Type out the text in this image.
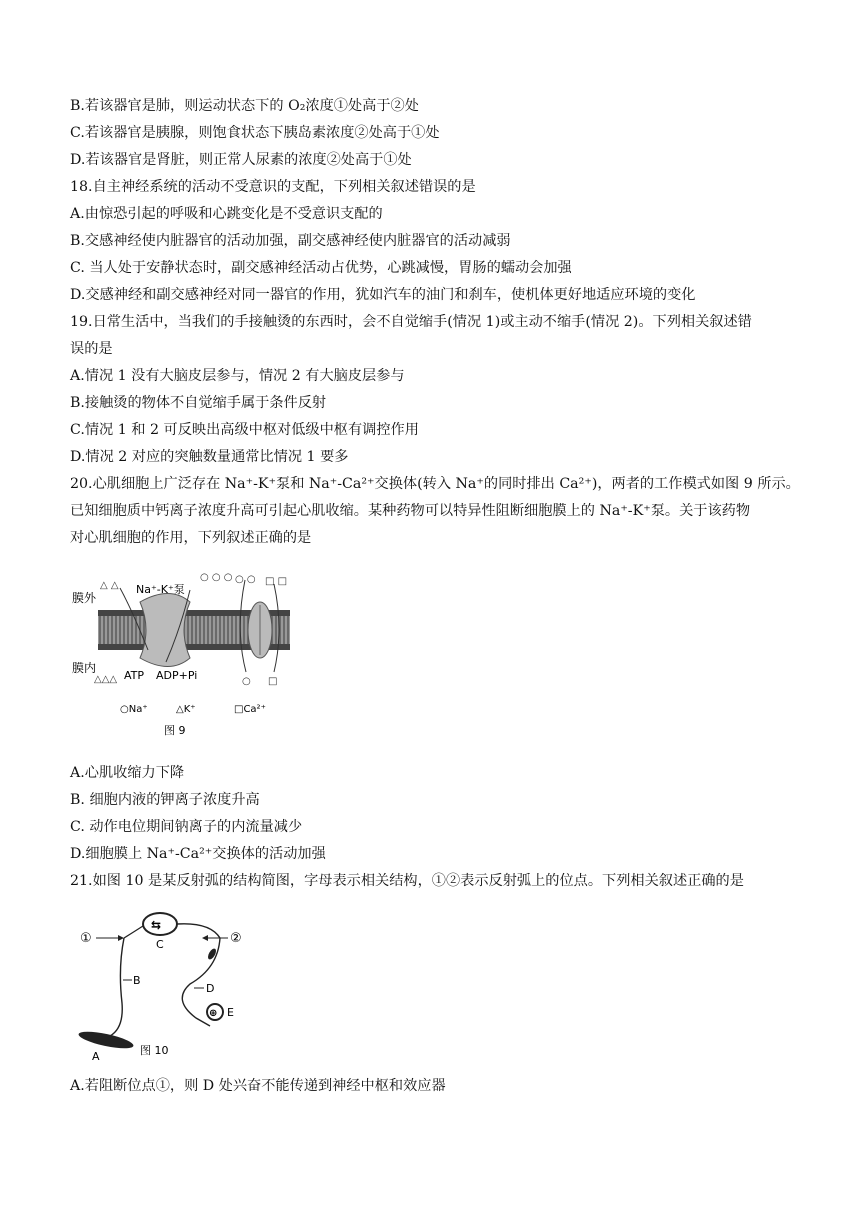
B.若该器官是肺，则运动状态下的 O₂浓度①处高于②处
C.若该器官是胰腺，则饱食状态下胰岛素浓度②处高于①处
D.若该器官是肾脏，则正常人尿素的浓度②处高于①处
18.自主神经系统的活动不受意识的支配，下列相关叙述错误的是
A.由惊恐引起的呼吸和心跳变化是不受意识支配的
B.交感神经使内脏器官的活动加强，副交感神经使内脏器官的活动减弱
C. 当人处于安静状态时，副交感神经活动占优势，心跳减慢，胃肠的蠕动会加强
D.交感神经和副交感神经对同一器官的作用，犹如汽车的油门和刹车，使机体更好地适应环境的变化
19.日常生活中，当我们的手接触烫的东西时，会不自觉缩手(情况 1)或主动不缩手(情况 2)。下列相关叙述错
误的是
A.情况 1 没有大脑皮层参与，情况 2 有大脑皮层参与
B.接触烫的物体不自觉缩手属于条件反射
C.情况 1 和 2 可反映出高级中枢对低级中枢有调控作用
D.情况 2 对应的突触数量通常比情况 1 要多
20.心肌细胞上广泛存在 Na⁺-K⁺泵和 Na⁺-Ca²⁺交换体(转入 Na⁺的同时排出 Ca²⁺)，两者的工作模式如图 9 所示。
已知细胞质中钙离子浓度升高可引起心肌收缩。某种药物可以特异性阻断细胞膜上的 Na⁺-K⁺泵。关于该药物
对心肌细胞的作用，下列叙述正确的是
膜外
膜内
Na⁺-K⁺泵
ATP ADP+Pi
△ △
○ ○ ○ ○ ○ □ □
△△△	○ □
○Na⁺	△K⁺	□Ca²⁺
图 9
A.心肌收缩力下降
B. 细胞内液的钾离子浓度升高
C. 动作电位期间钠离子的内流量减少
D.细胞膜上 Na⁺-Ca²⁺交换体的活动加强
21.如图 10 是某反射弧的结构简图，字母表示相关结构，①②表示反射弧上的位点。下列相关叙述正确的是
①
A
B
⇆
C	②
D
⊕ E
图 10
A.若阻断位点①，则 D 处兴奋不能传递到神经中枢和效应器
